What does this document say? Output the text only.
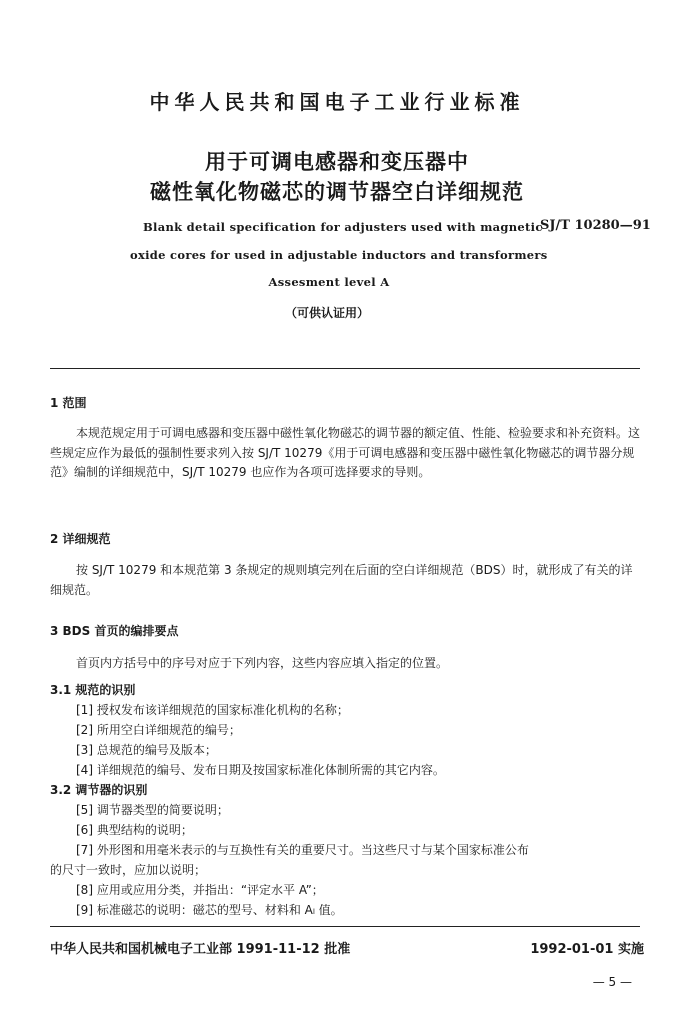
中华人民共和国电子工业行业标准
用于可调电感器和变压器中
磁性氧化物磁芯的调节器空白详细规范
Blank detail specification for adjusters used with magnetic
SJ/T 10280—91
oxide cores for used in adjustable inductors and transformers
Assesment level A
（可供认证用）
1 范围
本规范规定用于可调电感器和变压器中磁性氧化物磁芯的调节器的额定值、性能、检验要求和补充资料。这些规定应作为最低的强制性要求列入按 SJ/T 10279《用于可调电感器和变压器中磁性氧化物磁芯的调节器分规范》编制的详细规范中，SJ/T 10279 也应作为各项可选择要求的导则。
2 详细规范
按 SJ/T 10279 和本规范第 3 条规定的规则填完列在后面的空白详细规范（BDS）时，就形成了有关的详细规范。
3 BDS 首页的编排要点
首页内方括号中的序号对应于下列内容，这些内容应填入指定的位置。
3.1 规范的识别
[1] 授权发布该详细规范的国家标准化机构的名称；
[2] 所用空白详细规范的编号；
[3] 总规范的编号及版本；
[4] 详细规范的编号、发布日期及按国家标准化体制所需的其它内容。
3.2 调节器的识别
[5] 调节器类型的简要说明；
[6] 典型结构的说明；
[7] 外形图和用毫米表示的与互换性有关的重要尺寸。当这些尺寸与某个国家标准公布
的尺寸一致时，应加以说明；
[8] 应用或应用分类，并指出：“评定水平 A”；
[9] 标准磁芯的说明：磁芯的型号、材料和 Aₗ 值。
中华人民共和国机械电子工业部 1991-11-12 批准	1992-01-01 实施
— 5 —
